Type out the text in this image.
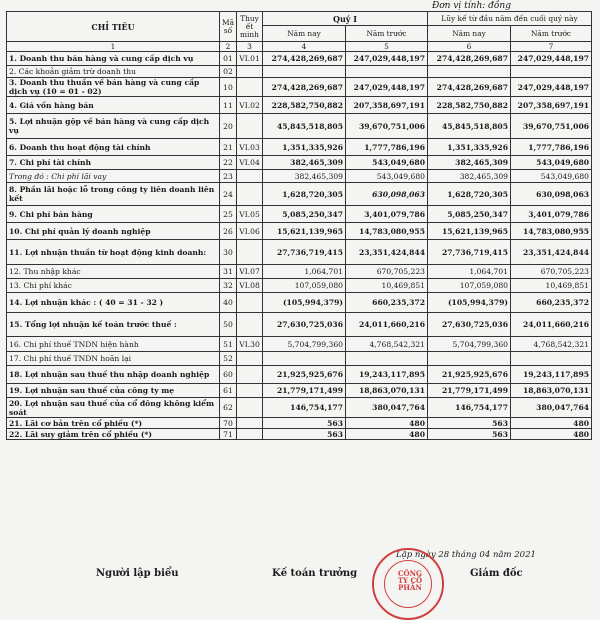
Đơn vị tính: đồng
CHỈ TIÊU	Mã số	Thuy ết minh	Quý I		Lũy kế từ đầu năm đến cuối quý này	
			Năm nay	Năm trước	Năm nay	Năm trước
1	2	3	4	5	6	7
1. Doanh thu bán hàng và cung cấp dịch vụ	01	VI.01	274,428,269,687	247,029,448,197	274,428,269,687	247,029,448,197
2. Các khoản giảm trừ doanh thu	02					
3. Doanh thu thuần về bán hàng và cung cấp dịch vụ (10 = 01 - 02)	10		274,428,269,687	247,029,448,197	274,428,269,687	247,029,448,197
4. Giá vốn hàng bán	11	VI.02	228,582,750,882	207,358,697,191	228,582,750,882	207,358,697,191
5. Lợi nhuận gộp về bán hàng và cung cấp dịch vụ	20		45,845,518,805	39,670,751,006	45,845,518,805	39,670,751,006
6. Doanh thu hoạt động tài chính	21	VI.03	1,351,335,926	1,777,786,196	1,351,335,926	1,777,786,196
7. Chi phí tài chính	22	VI.04	382,465,309	543,049,680	382,465,309	543,049,680
Trong đó : Chi phí lãi vay	23		382,465,309	543,049,680	382,465,309	543,049,680
8. Phần lãi hoặc lỗ trong công ty liên doanh liên kết	24		1,628,720,305	630,098,063	1,628,720,305	630,098,063
9. Chi phí bán hàng	25	VI.05	5,085,250,347	3,401,079,786	5,085,250,347	3,401,079,786
10. Chi phí quản lý doanh nghiệp	26	VI.06	15,621,139,965	14,783,080,955	15,621,139,965	14,783,080,955
11. Lợi nhuận thuần từ hoạt động kinh doanh:	30		27,736,719,415	23,351,424,844	27,736,719,415	23,351,424,844
12. Thu nhập khác	31	VI.07	1,064,701	670,705,223	1,064,701	670,705,223
13. Chi phí khác	32	VI.08	107,059,080	10,469,851	107,059,080	10,469,851
14. Lợi nhuận khác : ( 40 = 31 - 32 )	40		(105,994,379)	660,235,372	(105,994,379)	660,235,372
15. Tổng lợi nhuận kế toán trước thuế :	50		27,630,725,036	24,011,660,216	27,630,725,036	24,011,660,216
16. Chi phí thuế TNDN hiện hành	51	VI.30	5,704,799,360	4,768,542,321	5,704,799,360	4,768,542,321
17. Chi phí thuế TNDN hoãn lại	52					
18. Lợi nhuận sau thuế thu nhập doanh nghiệp	60		21,925,925,676	19,243,117,895	21,925,925,676	19,243,117,895
19. Lợi nhuận sau thuế của công ty mẹ	61		21,779,171,499	18,863,070,131	21,779,171,499	18,863,070,131
20. Lợi nhuận sau thuế của cổ đông không kiểm soát	62		146,754,177	380,047,764	146,754,177	380,047,764
21. Lãi cơ bản trên cổ phiếu (*)	70		563	480	563	480
22. Lãi suy giảm trên cổ phiếu (*)	71		563	480	563	480
Lập ngày 28 tháng 04 năm 2021
Người lập biểu	Kế toán trưởng	CÔNG TY CỔ PHẦN
Giám đốc
